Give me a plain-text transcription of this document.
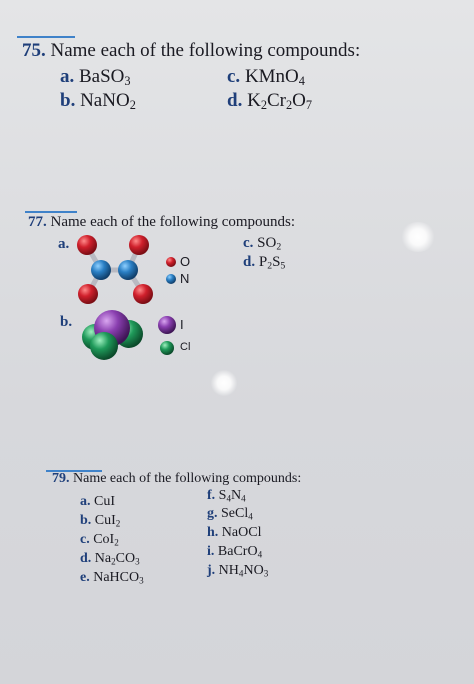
75. Name each of the following compounds:
a. BaSO$_3$
b. NaNO$_2$
c. KMnO$_4$
d. $K_2Cr_2O_7$
77. Name each of the following compounds:
a.
b.
O
N
I
Cl
c. $SO_2$
d. $P_2S_5$
79. Name each of the following compounds:
a. CuI
b. CuI$_2$
c. CoI$_2$
d. $Na_2CO_3$
e. NaHCO$_3$
f. $S_4N_4$
g. SeCl$_4$
h. NaOCl
i. BaCrO$_4$
j. $NH_4NO_3$
